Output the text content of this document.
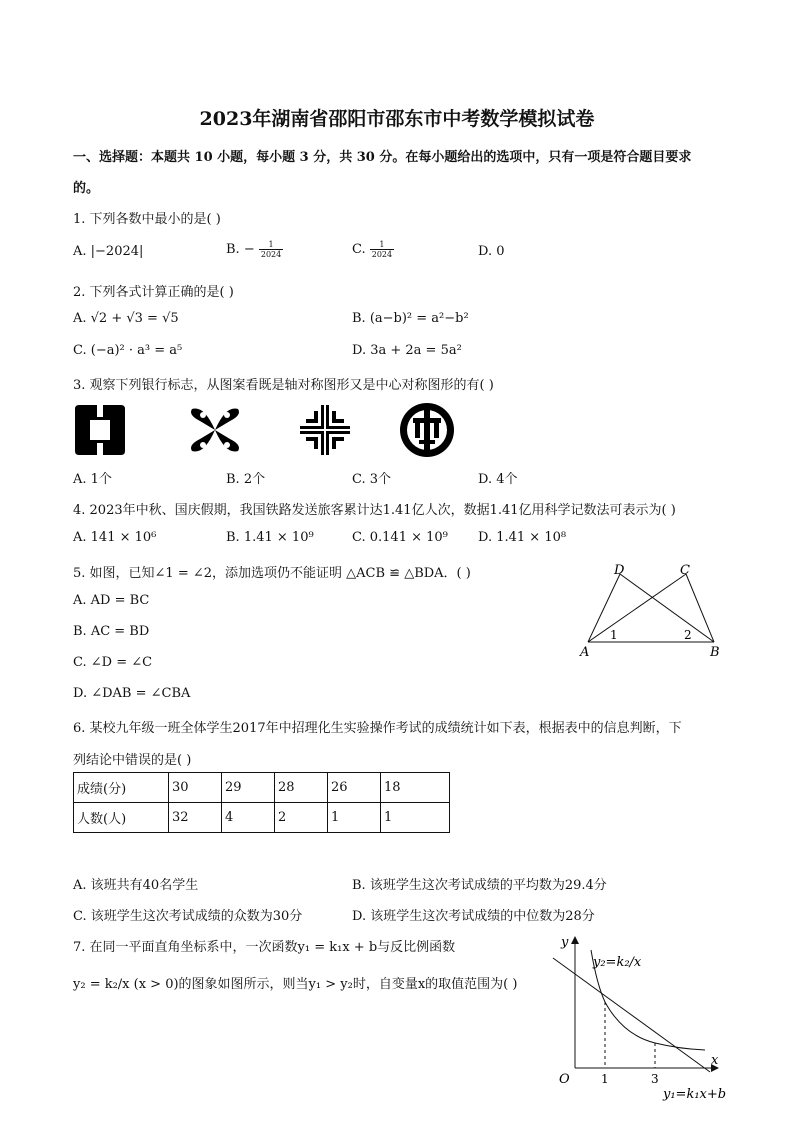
2023年湖南省邵阳市邵东市中考数学模拟试卷
一、选择题：本题共 10 小题，每小题 3 分，共 30 分。在每小题给出的选项中，只有一项是符合题目要求
的。
1. 下列各数中最小的是( )
A. |−2024|	B. − $\frac{1}{2024}$	C. $\frac{1}{2024}$	D. 0
2. 下列各式计算正确的是( )
A. √2 + √3 = √5	B. (a−b)² = a²−b²
C. (−a)² · a³ = a⁵	D. 3a + 2a = 5a²
3. 观察下列银行标志，从图案看既是轴对称图形又是中心对称图形的有( )
A. 1个	B. 2个	C. 3个	D. 4个
4. 2023年中秋、国庆假期，我国铁路发送旅客累计达1.41亿人次，数据1.41亿用科学记数法可表示为( )
A. 141 × 10⁶	B. 1.41 × 10⁹	C. 0.141 × 10⁹ D. 1.41 × 10⁸
5. 如图，已知∠1 = ∠2，添加选项仍不能证明 △ACB ≌ △BDA．( )
A. AD = BC
B. AC = BD
C. ∠D = ∠C
D. ∠DAB = ∠CBA
D	C
A	B
1	2
6. 某校九年级一班全体学生2017年中招理化生实验操作考试的成绩统计如下表，根据表中的信息判断，下
列结论中错误的是( )
成绩(分)	30	29	28	26	18
人数(人)	32	4	2	1	1
A. 该班共有40名学生	B. 该班学生这次考试成绩的平均数为29.4分
C. 该班学生这次考试成绩的众数为30分	D. 该班学生这次考试成绩的中位数为28分
7. 在同一平面直角坐标系中，一次函数y₁ = k₁x + b与反比例函数
y₂ = k₂/x (x > 0)的图象如图所示，则当y₁ > y₂时，自变量x的取值范围为( )
y
x
O	1	3
y₂=k₂/x
y₁=k₁x+b
